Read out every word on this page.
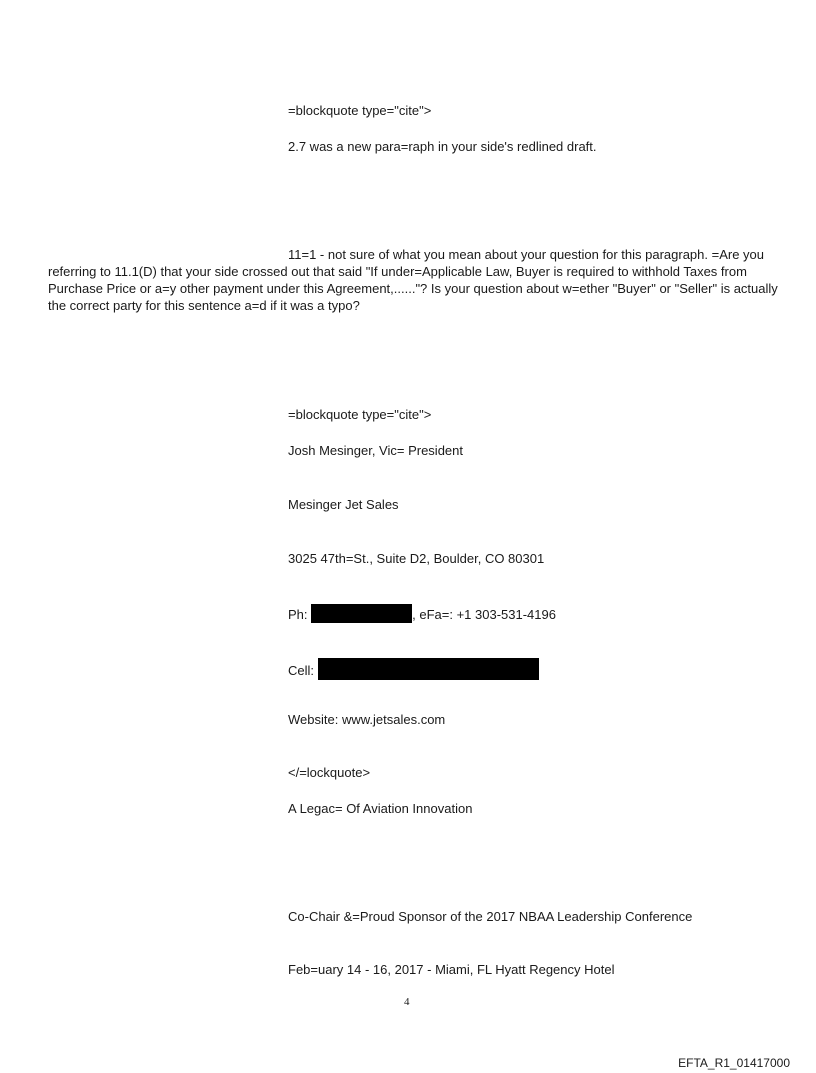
=blockquote type="cite">
2.7 was a new para=raph in your side's redlined draft.
11=1 - not sure of what you mean about your question for this paragraph. =Are you referring to 11.1(D) that your side crossed out that said "If under=Applicable Law, Buyer is required to withhold Taxes from Purchase Price or a=y other payment under this Agreement,......"? Is your question about w=ether "Buyer" or "Seller" is actually the correct party for this sentence a=d if it was a typo?
=blockquote type="cite">
Josh Mesinger, Vic= President
Mesinger Jet Sales
3025 47th=St., Suite D2, Boulder, CO 80301
Ph:	, eFa=: +1 303-531-4196
Cell:
Website: www.jetsales.com
</=lockquote>
A Legac= Of Aviation Innovation
Co-Chair &=Proud Sponsor of the 2017 NBAA Leadership Conference
Feb=uary 14 - 16, 2017 - Miami, FL Hyatt Regency Hotel
4
EFTA_R1_01417000
